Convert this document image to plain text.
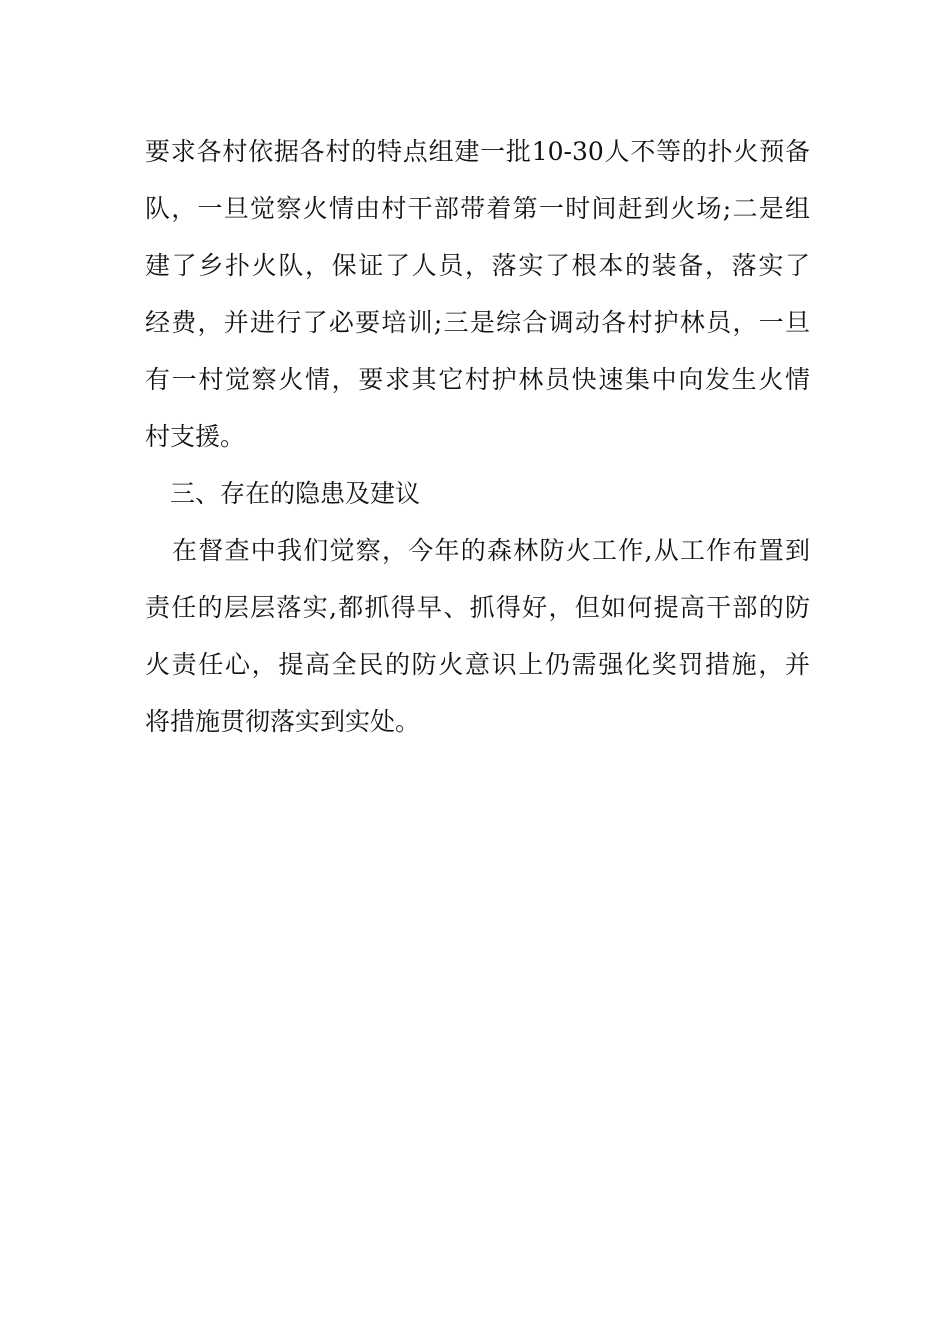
要求各村依据各村的特点组建一批10-30人不等的扑火预备
队，一旦觉察火情由村干部带着第一时间赶到火场;二是组
建了乡扑火队，保证了人员，落实了根本的装备，落实了
经费，并进行了必要培训;三是综合调动各村护林员，一旦
有一村觉察火情，要求其它村护林员快速集中向发生火情
村支援。
三、存在的隐患及建议
在督查中我们觉察，今年的森林防火工作,从工作布置到
责任的层层落实,都抓得早、抓得好，但如何提高干部的防
火责任心，提高全民的防火意识上仍需强化奖罚措施，并
将措施贯彻落实到实处。
